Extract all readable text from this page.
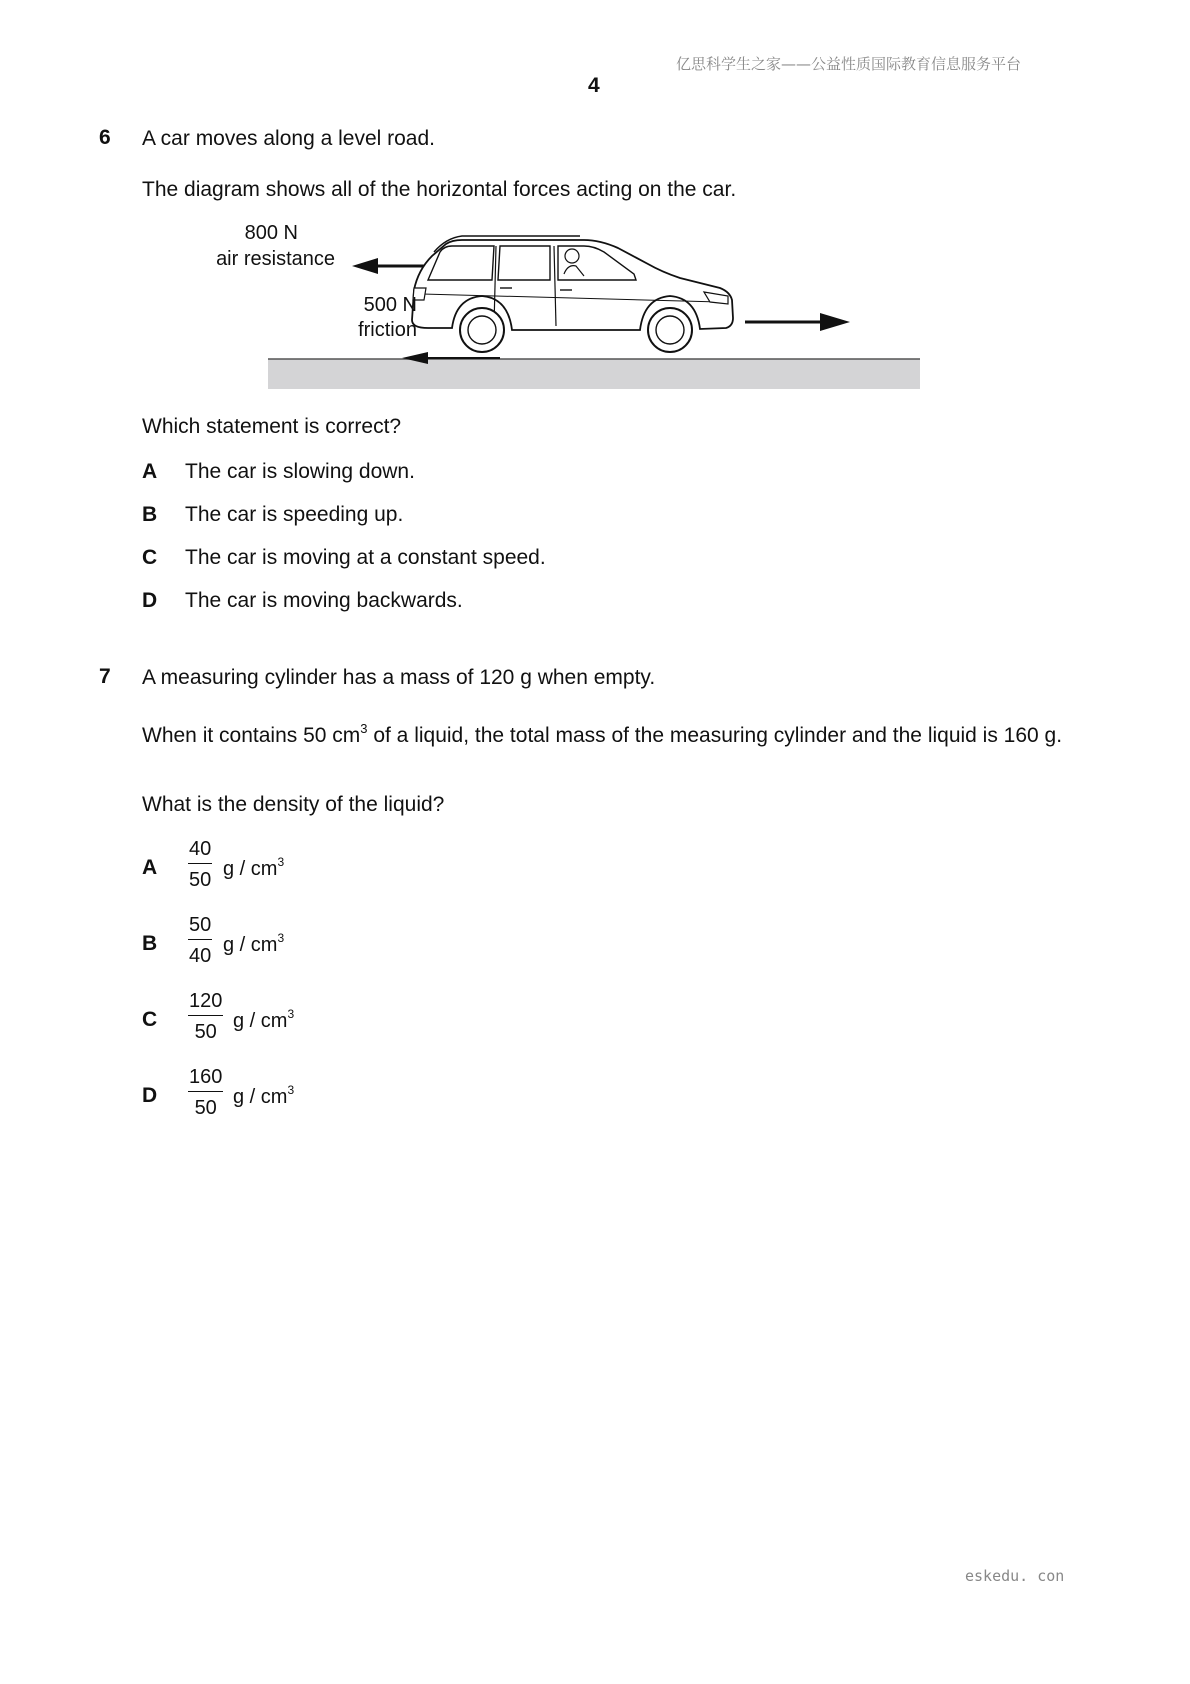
亿思科学生之家——公益性质国际教育信息服务平台
4
6 A car moves along a level road.
The diagram shows all of the horizontal forces acting on the car.
800 N
air resistance
500 N
friction
Which statement is correct?
A The car is slowing down.
B The car is speeding up.
C The car is moving at a constant speed.
D The car is moving backwards.
7 A measuring cylinder has a mass of 120 g when empty.
When it contains 50 $cm^3$ of a liquid, the total mass of the measuring cylinder and the liquid is 160 g.
What is the density of the liquid?
A $\frac{40}{50}$ g / $cm^3$
B $\frac{50}{40}$ g / $cm^3$
C $\frac{120}{50}$ g / $cm^3$
D $\frac{160}{50}$ g / $cm^3$
eskedu. con
